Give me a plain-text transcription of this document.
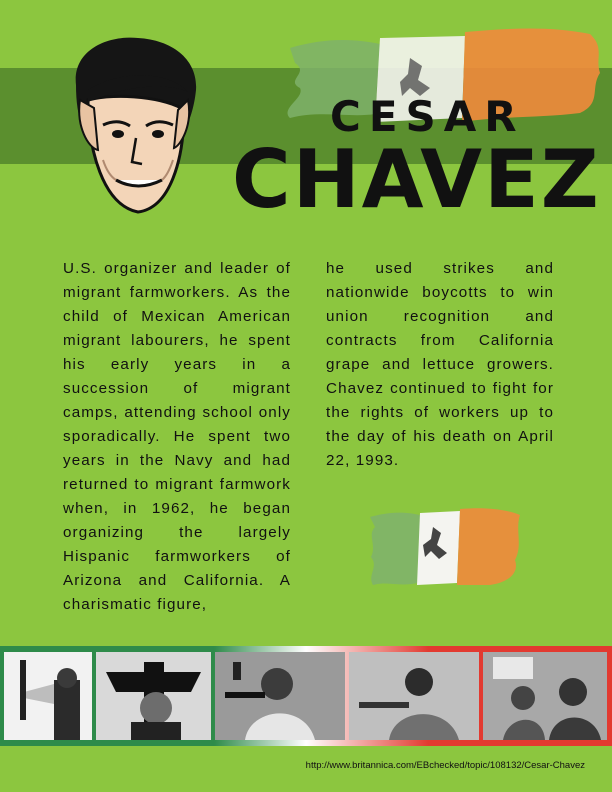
CESAR
CHAVEZ

U.S. organizer and leader of migrant farmworkers. As the child of Mexican American migrant labourers, he spent his early years in a succession of migrant camps, attending school only sporadically. He spent two years in the Navy and had returned to migrant farmwork when, in 1962, he began organizing the largely Hispanic farmworkers of Arizona and California. A charismatic figure,

he used strikes and nationwide boycotts to win union recognition and contracts from California grape and lettuce growers. Chavez continued to fight for the rights of workers up to the day of his death on April 22, 1993.

http://www.britannica.com/EBchecked/topic/108132/Cesar-Chavez
